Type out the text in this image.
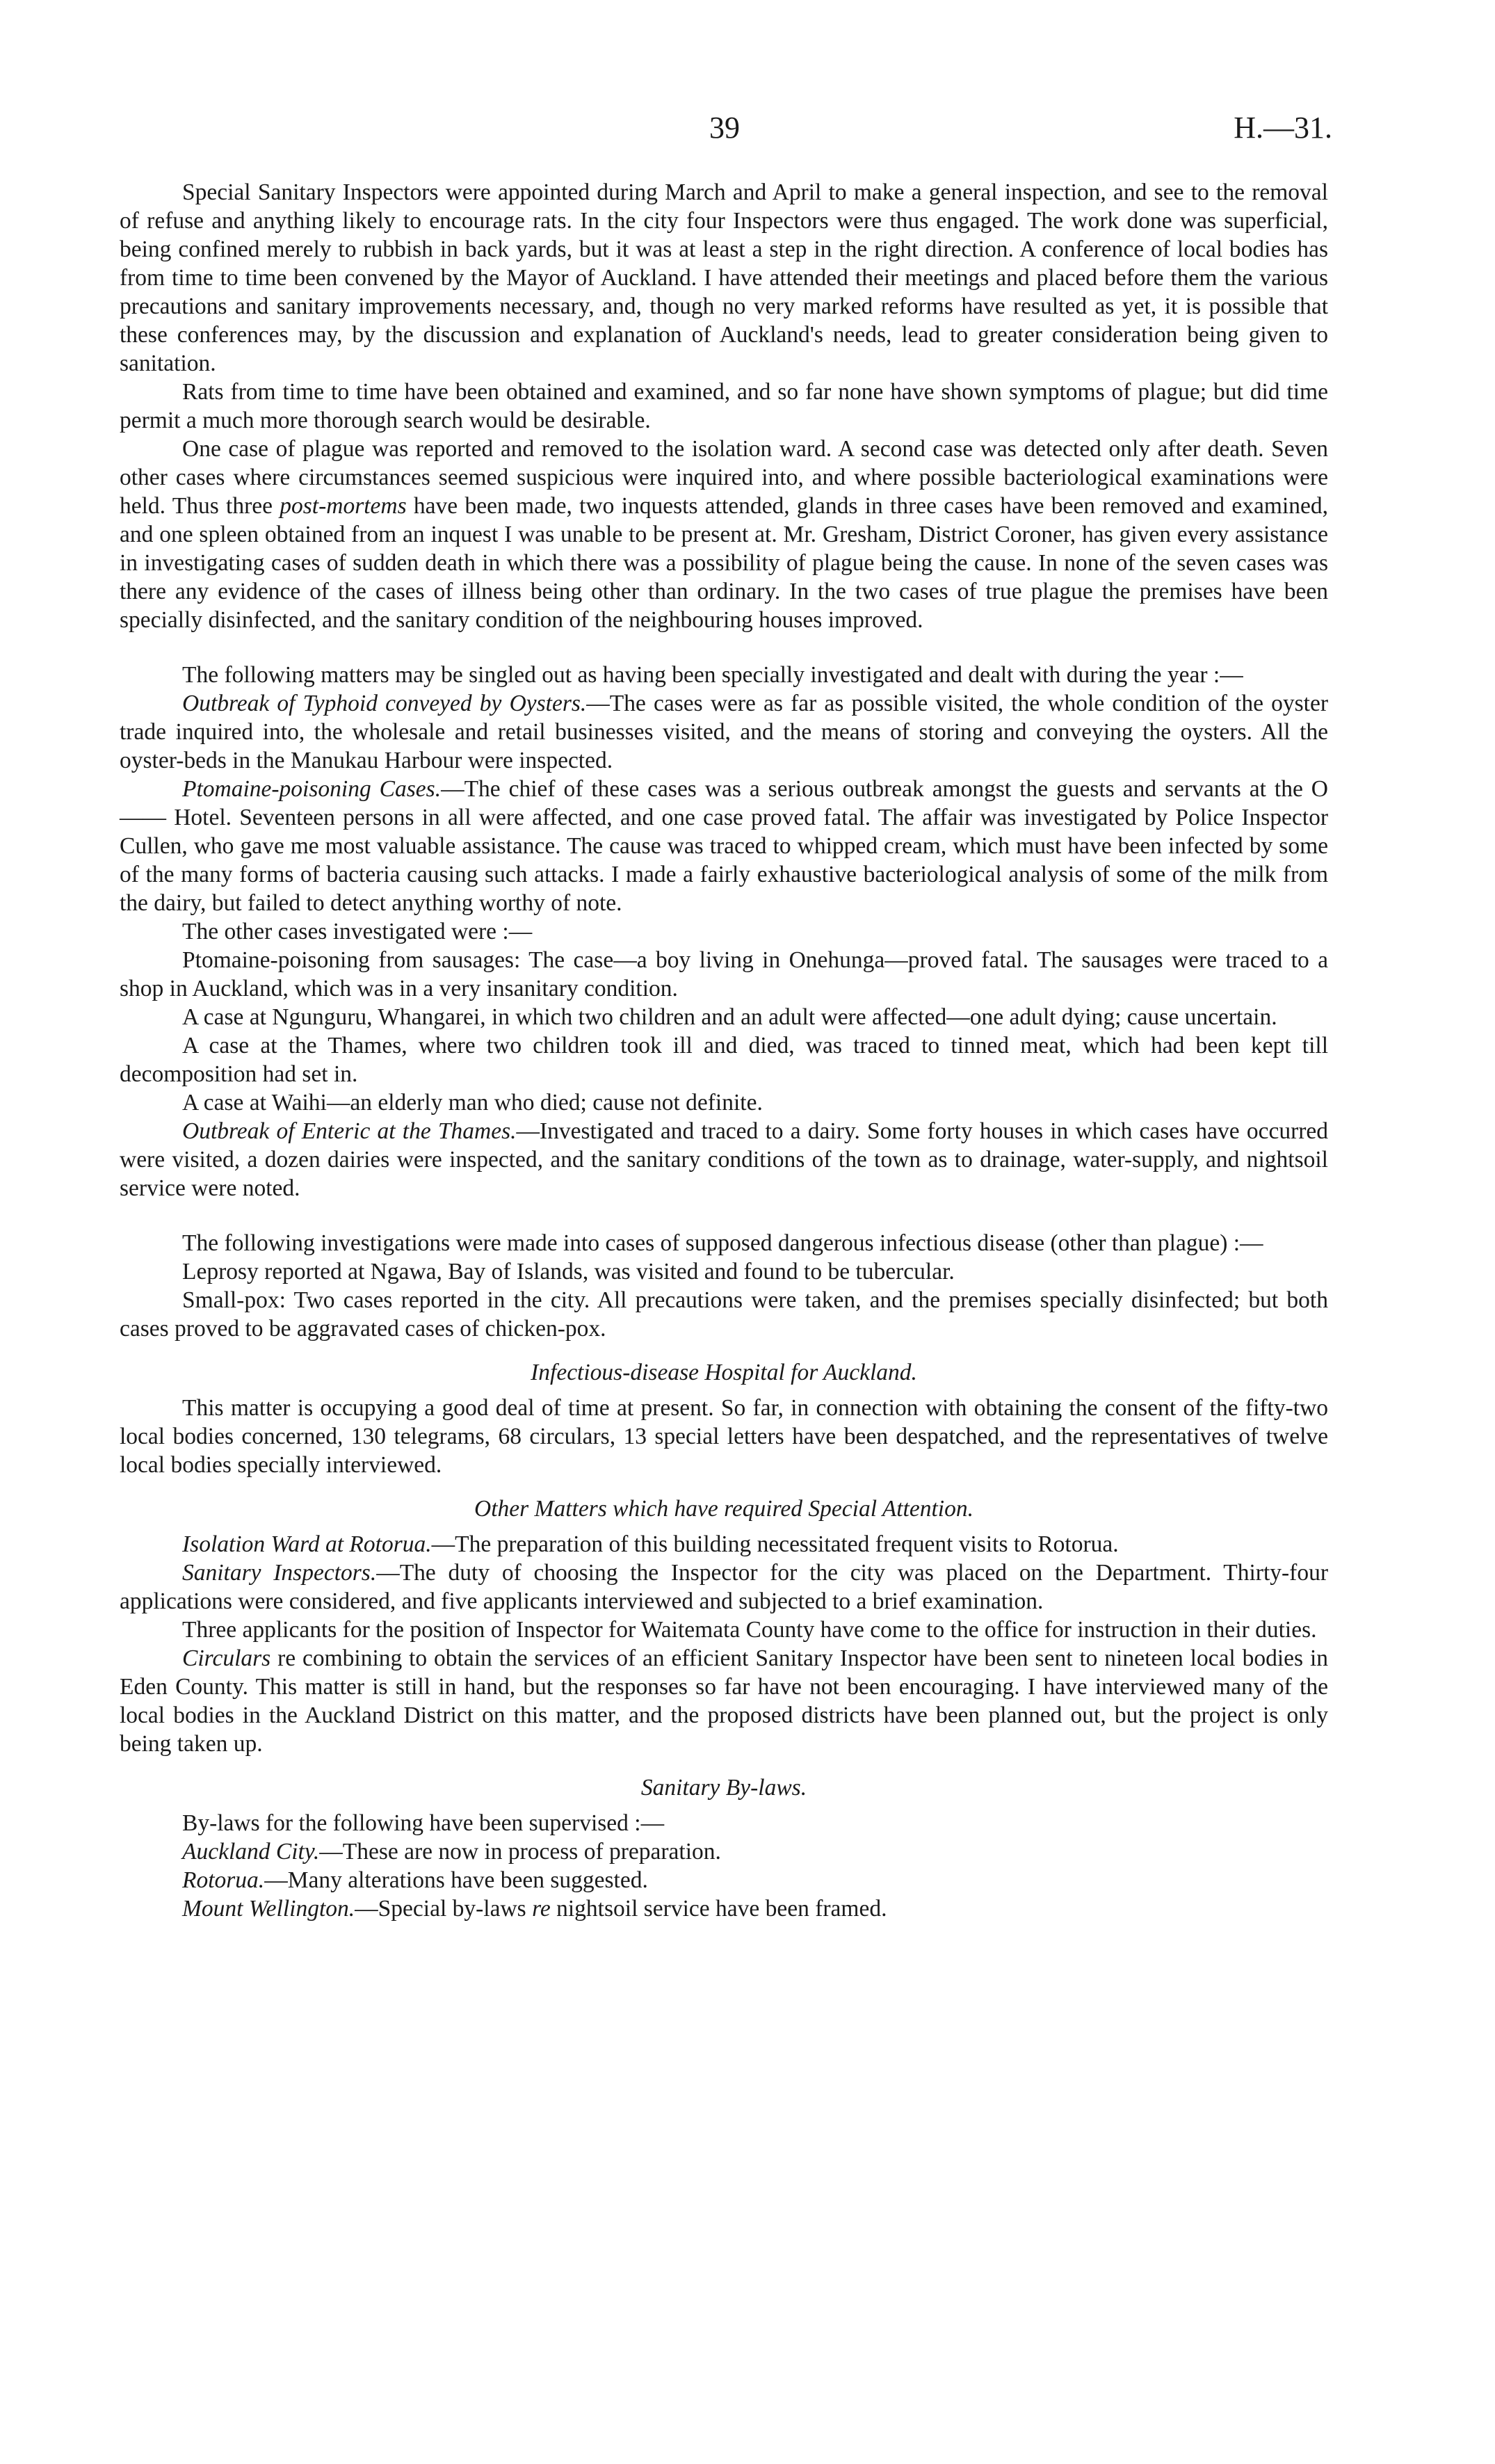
39	H.—31.

Special Sanitary Inspectors were appointed during March and April to make a general inspection, and see to the removal of refuse and anything likely to encourage rats. In the city four Inspectors were thus engaged. The work done was superficial, being confined merely to rubbish in back yards, but it was at least a step in the right direction. A conference of local bodies has from time to time been convened by the Mayor of Auckland. I have attended their meetings and placed before them the various precautions and sanitary improvements necessary, and, though no very marked reforms have resulted as yet, it is possible that these conferences may, by the discussion and explanation of Auckland's needs, lead to greater consideration being given to sanitation.

Rats from time to time have been obtained and examined, and so far none have shown symptoms of plague; but did time permit a much more thorough search would be desirable.

One case of plague was reported and removed to the isolation ward. A second case was detected only after death. Seven other cases where circumstances seemed suspicious were inquired into, and where possible bacteriological examinations were held. Thus three post-mortems have been made, two inquests attended, glands in three cases have been removed and examined, and one spleen obtained from an inquest I was unable to be present at. Mr. Gresham, District Coroner, has given every assistance in investigating cases of sudden death in which there was a possibility of plague being the cause. In none of the seven cases was there any evidence of the cases of illness being other than ordinary. In the two cases of true plague the premises have been specially disinfected, and the sanitary condition of the neighbouring houses improved.

The following matters may be singled out as having been specially investigated and dealt with during the year :—

Outbreak of Typhoid conveyed by Oysters.—The cases were as far as possible visited, the whole condition of the oyster trade inquired into, the wholesale and retail businesses visited, and the means of storing and conveying the oysters. All the oyster-beds in the Manukau Harbour were inspected.

Ptomaine-poisoning Cases.—The chief of these cases was a serious outbreak amongst the guests and servants at the O—— Hotel. Seventeen persons in all were affected, and one case proved fatal. The affair was investigated by Police Inspector Cullen, who gave me most valuable assistance. The cause was traced to whipped cream, which must have been infected by some of the many forms of bacteria causing such attacks. I made a fairly exhaustive bacteriological analysis of some of the milk from the dairy, but failed to detect anything worthy of note.

The other cases investigated were :—

Ptomaine-poisoning from sausages: The case—a boy living in Onehunga—proved fatal. The sausages were traced to a shop in Auckland, which was in a very insanitary condition.

A case at Ngunguru, Whangarei, in which two children and an adult were affected—one adult dying; cause uncertain.

A case at the Thames, where two children took ill and died, was traced to tinned meat, which had been kept till decomposition had set in.

A case at Waihi—an elderly man who died; cause not definite.

Outbreak of Enteric at the Thames.—Investigated and traced to a dairy. Some forty houses in which cases have occurred were visited, a dozen dairies were inspected, and the sanitary conditions of the town as to drainage, water-supply, and nightsoil service were noted.

The following investigations were made into cases of supposed dangerous infectious disease (other than plague) :—

Leprosy reported at Ngawa, Bay of Islands, was visited and found to be tubercular.

Small-pox: Two cases reported in the city. All precautions were taken, and the premises specially disinfected; but both cases proved to be aggravated cases of chicken-pox.

Infectious-disease Hospital for Auckland.

This matter is occupying a good deal of time at present. So far, in connection with obtaining the consent of the fifty-two local bodies concerned, 130 telegrams, 68 circulars, 13 special letters have been despatched, and the representatives of twelve local bodies specially interviewed.

Other Matters which have required Special Attention.

Isolation Ward at Rotorua.—The preparation of this building necessitated frequent visits to Rotorua.

Sanitary Inspectors.—The duty of choosing the Inspector for the city was placed on the Department. Thirty-four applications were considered, and five applicants interviewed and subjected to a brief examination.

Three applicants for the position of Inspector for Waitemata County have come to the office for instruction in their duties.

Circulars re combining to obtain the services of an efficient Sanitary Inspector have been sent to nineteen local bodies in Eden County. This matter is still in hand, but the responses so far have not been encouraging. I have interviewed many of the local bodies in the Auckland District on this matter, and the proposed districts have been planned out, but the project is only being taken up.

Sanitary By-laws.

By-laws for the following have been supervised :—

Auckland City.—These are now in process of preparation.

Rotorua.—Many alterations have been suggested.

Mount Wellington.—Special by-laws re nightsoil service have been framed.
